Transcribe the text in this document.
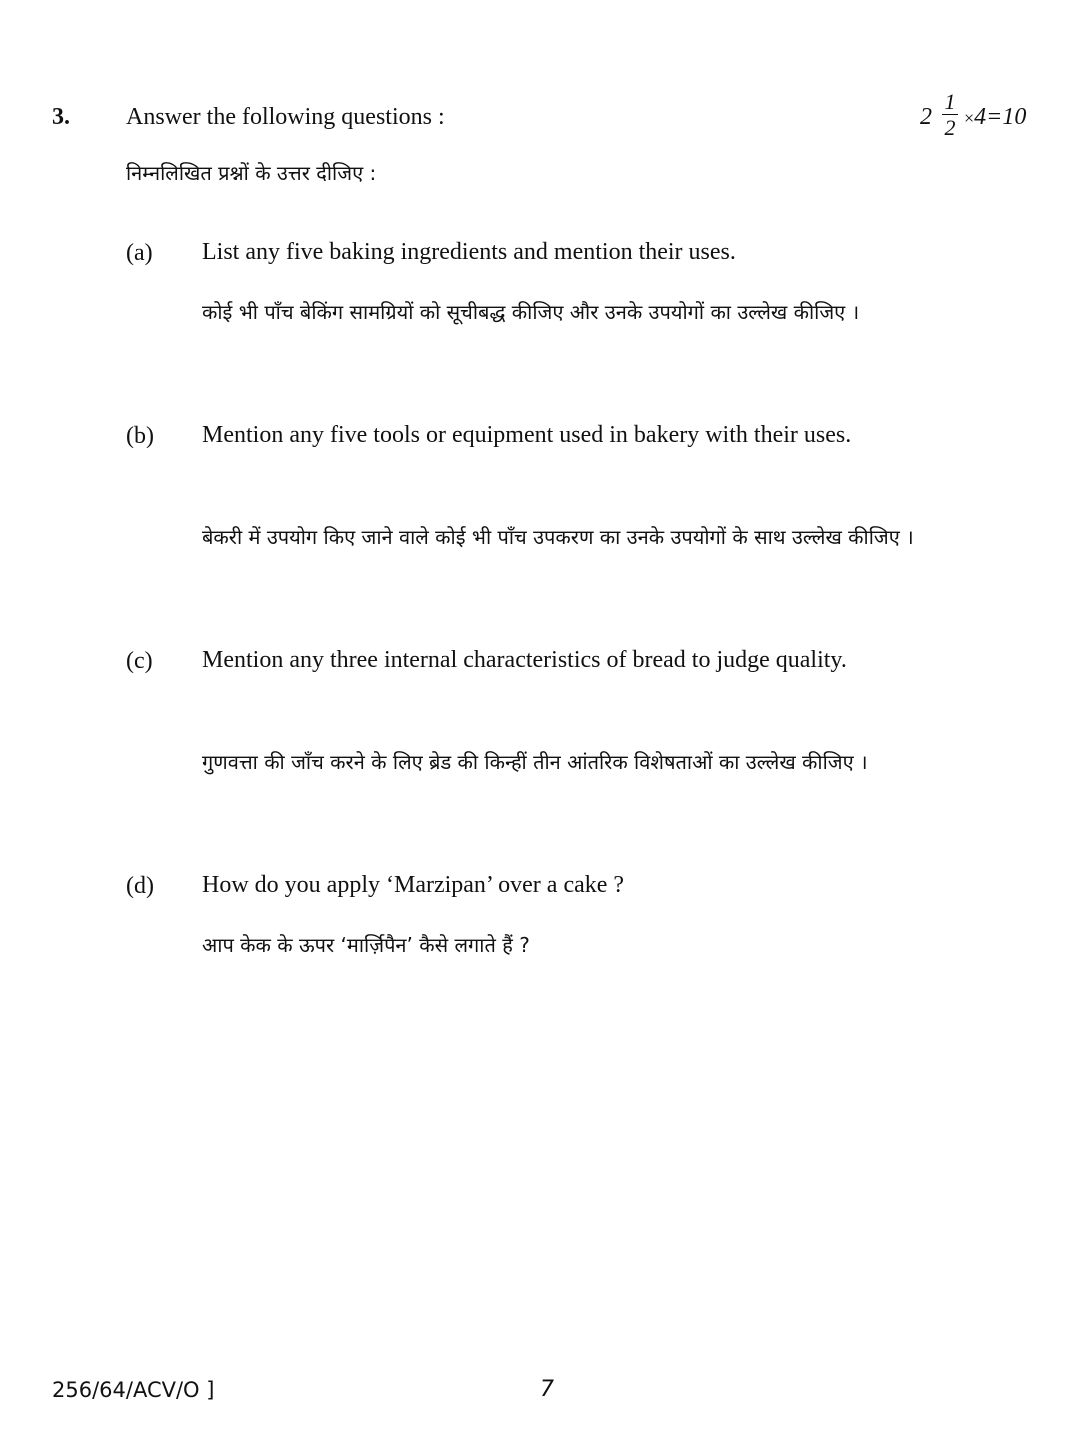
3. Answer the following questions :
निम्नलिखित प्रश्नों के उत्तर दीजिए :
2
1
2 ×4=10
(a) List any five baking ingredients and mention their uses.
कोई भी पाँच बेकिंग सामग्रियों को सूचीबद्ध कीजिए और उनके उपयोगों का उल्लेख कीजिए ।
(b) Mention any five tools or equipment used in bakery with their uses.
बेकरी में उपयोग किए जाने वाले कोई भी पाँच उपकरण का उनके उपयोगों के साथ उल्लेख कीजिए ।
(c) Mention any three internal characteristics of bread to judge quality.
गुणवत्ता की जाँच करने के लिए ब्रेड की किन्हीं तीन आंतरिक विशेषताओं का उल्लेख कीजिए ।
(d) How do you apply ‘Marzipan’ over a cake ?
आप केक के ऊपर ‘मार्ज़िपैन’ कैसे लगाते हैं ?
256/64/ACV/O ]	7
